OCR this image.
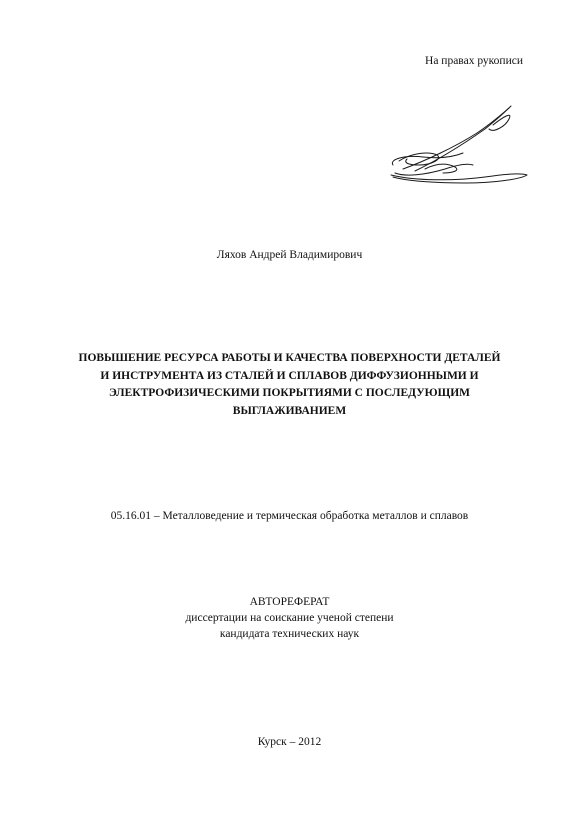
На правах рукописи
Ляхов Андрей Владимирович
ПОВЫШЕНИЕ РЕСУРСА РАБОТЫ И КАЧЕСТВА ПОВЕРХНОСТИ ДЕТАЛЕЙ
И ИНСТРУМЕНТА ИЗ СТАЛЕЙ И СПЛАВОВ ДИФФУЗИОННЫМИ И
ЭЛЕКТРОФИЗИЧЕСКИМИ ПОКРЫТИЯМИ С ПОСЛЕДУЮЩИМ
ВЫГЛАЖИВАНИЕМ
05.16.01 – Металловедение и термическая обработка металлов и сплавов
АВТОРЕФЕРАТ
диссертации на соискание ученой степени
кандидата технических наук
Курск – 2012
